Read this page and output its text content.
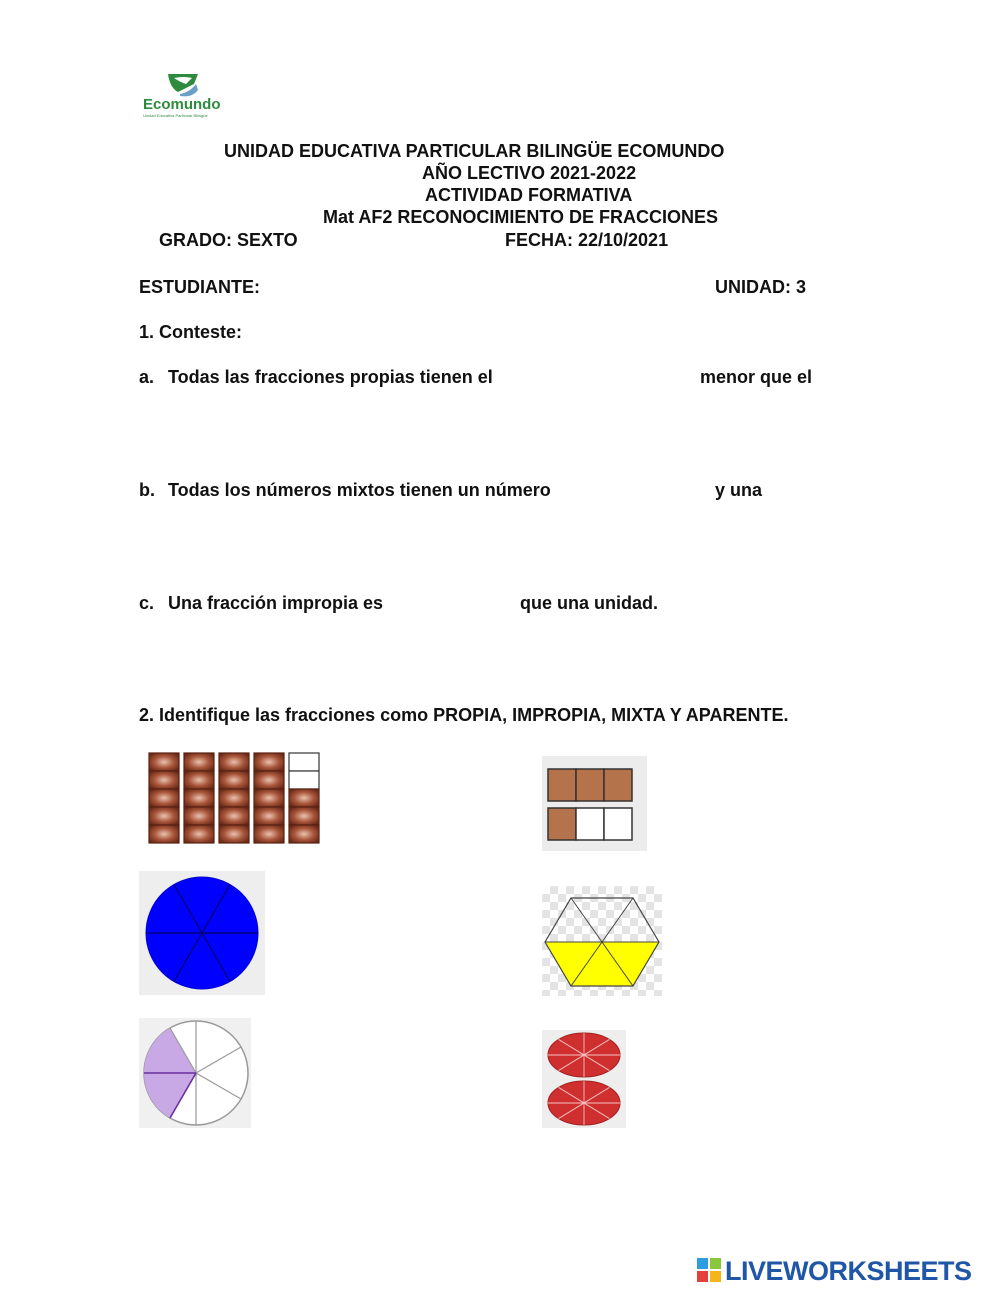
Ecomundo
Unidad Educativa Particular Bilingüe
UNIDAD EDUCATIVA PARTICULAR BILINGÜE ECOMUNDO
AÑO LECTIVO 2021-2022
ACTIVIDAD FORMATIVA
Mat AF2 RECONOCIMIENTO DE FRACCIONES
GRADO: SEXTO	FECHA: 22/10/2021
ESTUDIANTE:	UNIDAD: 3
1. Conteste:
a. Todas las fracciones propias tienen el	menor que el
b. Todas los números mixtos tienen un número	y una
c. Una fracción impropia es	que una unidad.
2. Identifique las fracciones como PROPIA, IMPROPIA, MIXTA Y APARENTE.
LIVEWORKSHEETS
